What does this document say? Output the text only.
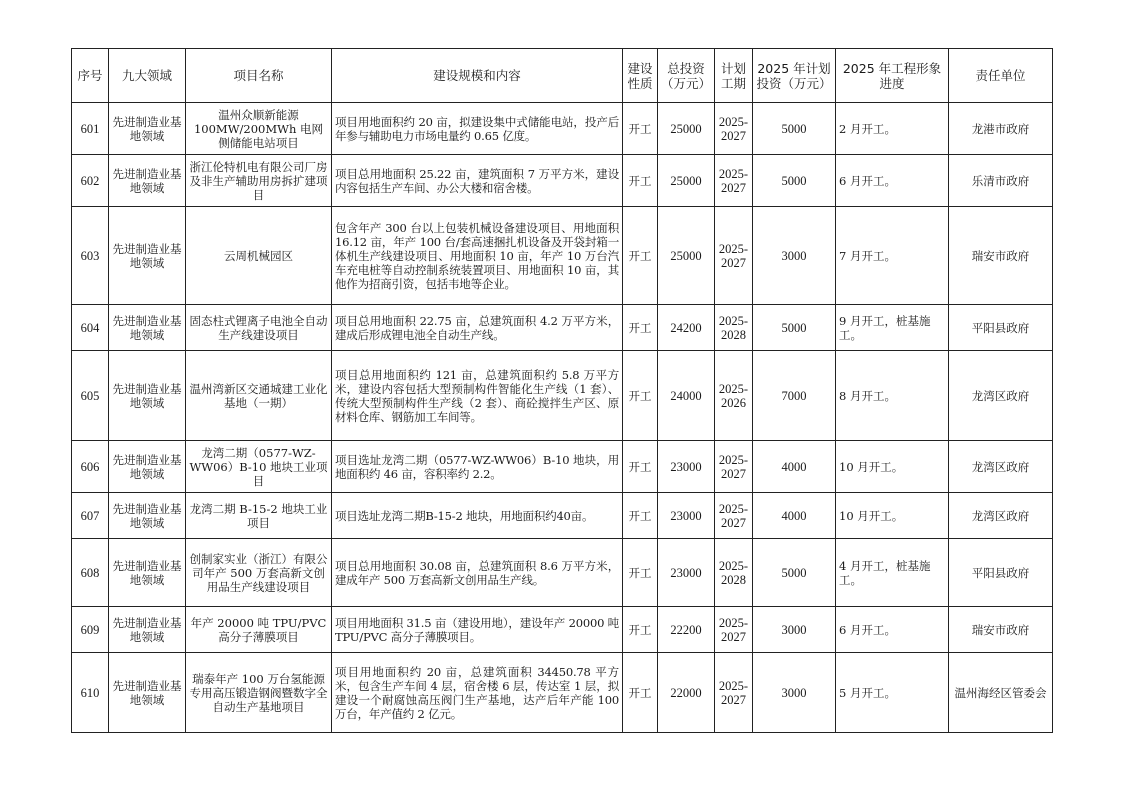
序号	九大领域	项目名称	建设规模和内容	建设性质	总投资（万元）	计划工期	2025 年计划投资（万元）	2025 年工程形象进度	责任单位
601	先进制造业基地领域	温州众顺新能源100MW/200MWh 电网侧储能电站项目	项目用地面积约 20 亩，拟建设集中式储能电站，投产后年参与辅助电力市场电量约 0.65 亿度。	开工	25000	2025-2027	5000	2 月开工。	龙港市政府
602	先进制造业基地领域	浙江伦特机电有限公司厂房及非生产辅助用房拆扩建项目	项目总用地面积 25.22 亩，建筑面积 7 万平方米，建设内容包括生产车间、办公大楼和宿舍楼。	开工	25000	2025-2027	5000	6 月开工。	乐清市政府
603	先进制造业基地领域	云周机械园区	包含年产 300 台以上包装机械设备建设项目、用地面积 16.12 亩，年产 100 台/套高速捆扎机设备及开袋封箱一体机生产线建设项目、用地面积 10 亩，年产 10 万台汽车充电桩等自动控制系统装置项目、用地面积 10 亩，其他作为招商引资，包括韦地等企业。	开工	25000	2025-2027	3000	7 月开工。	瑞安市政府
604	先进制造业基地领域	固态柱式锂离子电池全自动生产线建设项目	项目总用地面积 22.75 亩，总建筑面积 4.2 万平方米，建成后形成锂电池全自动生产线。	开工	24200	2025-2028	5000	9 月开工，桩基施工。	平阳县政府
605	先进制造业基地领域	温州湾新区交通城建工业化基地（一期）	项目总用地面积约 121 亩，总建筑面积约 5.8 万平方米，建设内容包括大型预制构件智能化生产线（1 套）、传统大型预制构件生产线（2 套）、商砼搅拌生产区、原材料仓库、钢筋加工车间等。	开工	24000	2025-2026	7000	8 月开工。	龙湾区政府
606	先进制造业基地领域	龙湾二期（0577-WZ-WW06）B-10 地块工业项目	项目选址龙湾二期（0577-WZ-WW06）B-10 地块，用地面积约 46 亩，容积率约 2.2。	开工	23000	2025-2027	4000	10 月开工。	龙湾区政府
607	先进制造业基地领域	龙湾二期 B-15-2 地块工业项目	项目选址龙湾二期B-15-2 地块，用地面积约40亩。	开工	23000	2025-2027	4000	10 月开工。	龙湾区政府
608	先进制造业基地领域	创制家实业（浙江）有限公司年产 500 万套高新文创用品生产线建设项目	项目总用地面积 30.08 亩，总建筑面积 8.6 万平方米，建成年产 500 万套高新文创用品生产线。	开工	23000	2025-2028	5000	4 月开工，桩基施工。	平阳县政府
609	先进制造业基地领域	年产 20000 吨 TPU/PVC 高分子薄膜项目	项目用地面积 31.5 亩（建设用地），建设年产 20000 吨 TPU/PVC 高分子薄膜项目。	开工	22200	2025-2027	3000	6 月开工。	瑞安市政府
610	先进制造业基地领域	瑞泰年产 100 万台氢能源专用高压锻造钢阀暨数字全自动生产基地项目	项目用地面积约 20 亩，总建筑面积 34450.78 平方米，包含生产车间 4 层，宿舍楼 6 层，传达室 1 层，拟建设一个耐腐蚀高压阀门生产基地，达产后年产能 100 万台，年产值约 2 亿元。	开工	22000	2025-2027	3000	5 月开工。	温州海经区管委会
